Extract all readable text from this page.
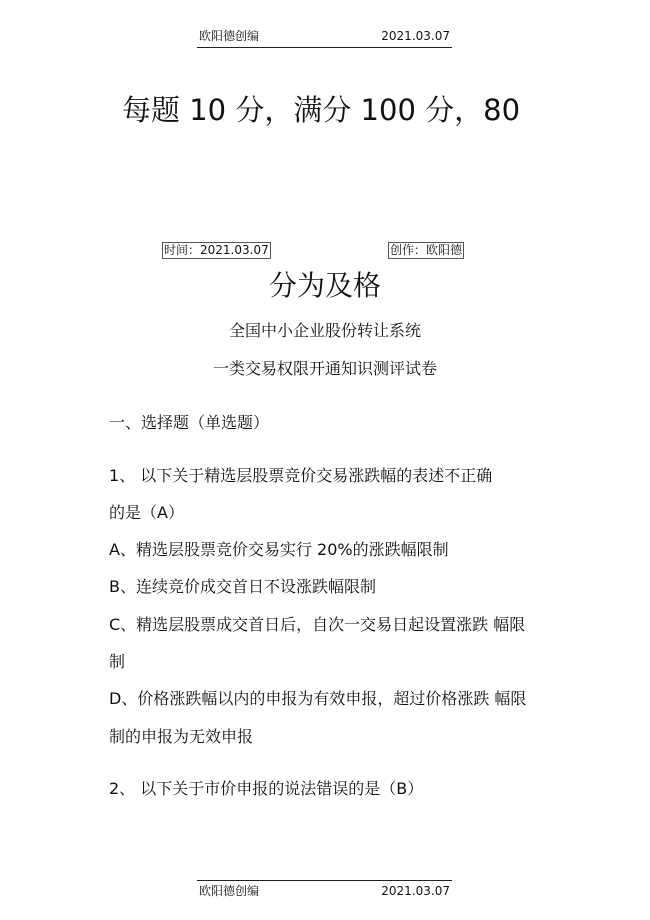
欧阳德创编	2021.03.07
每题 10 分，满分 100 分，80
时间：2021.03.07	创作：欧阳德
分为及格
全国中小企业股份转让系统
一类交易权限开通知识测评试卷
一、选择题（单选题）
1、 以下关于精选层股票竞价交易涨跌幅的表述不正确
的是（A）
A、精选层股票竞价交易实行 20%的涨跌幅限制
B、连续竞价成交首日不设涨跌幅限制
C、精选层股票成交首日后，自次一交易日起设置涨跌 幅限
制
D、价格涨跌幅以内的申报为有效申报，超过价格涨跌 幅限
制的申报为无效申报
2、 以下关于市价申报的说法错误的是（B）
欧阳德创编	2021.03.07
